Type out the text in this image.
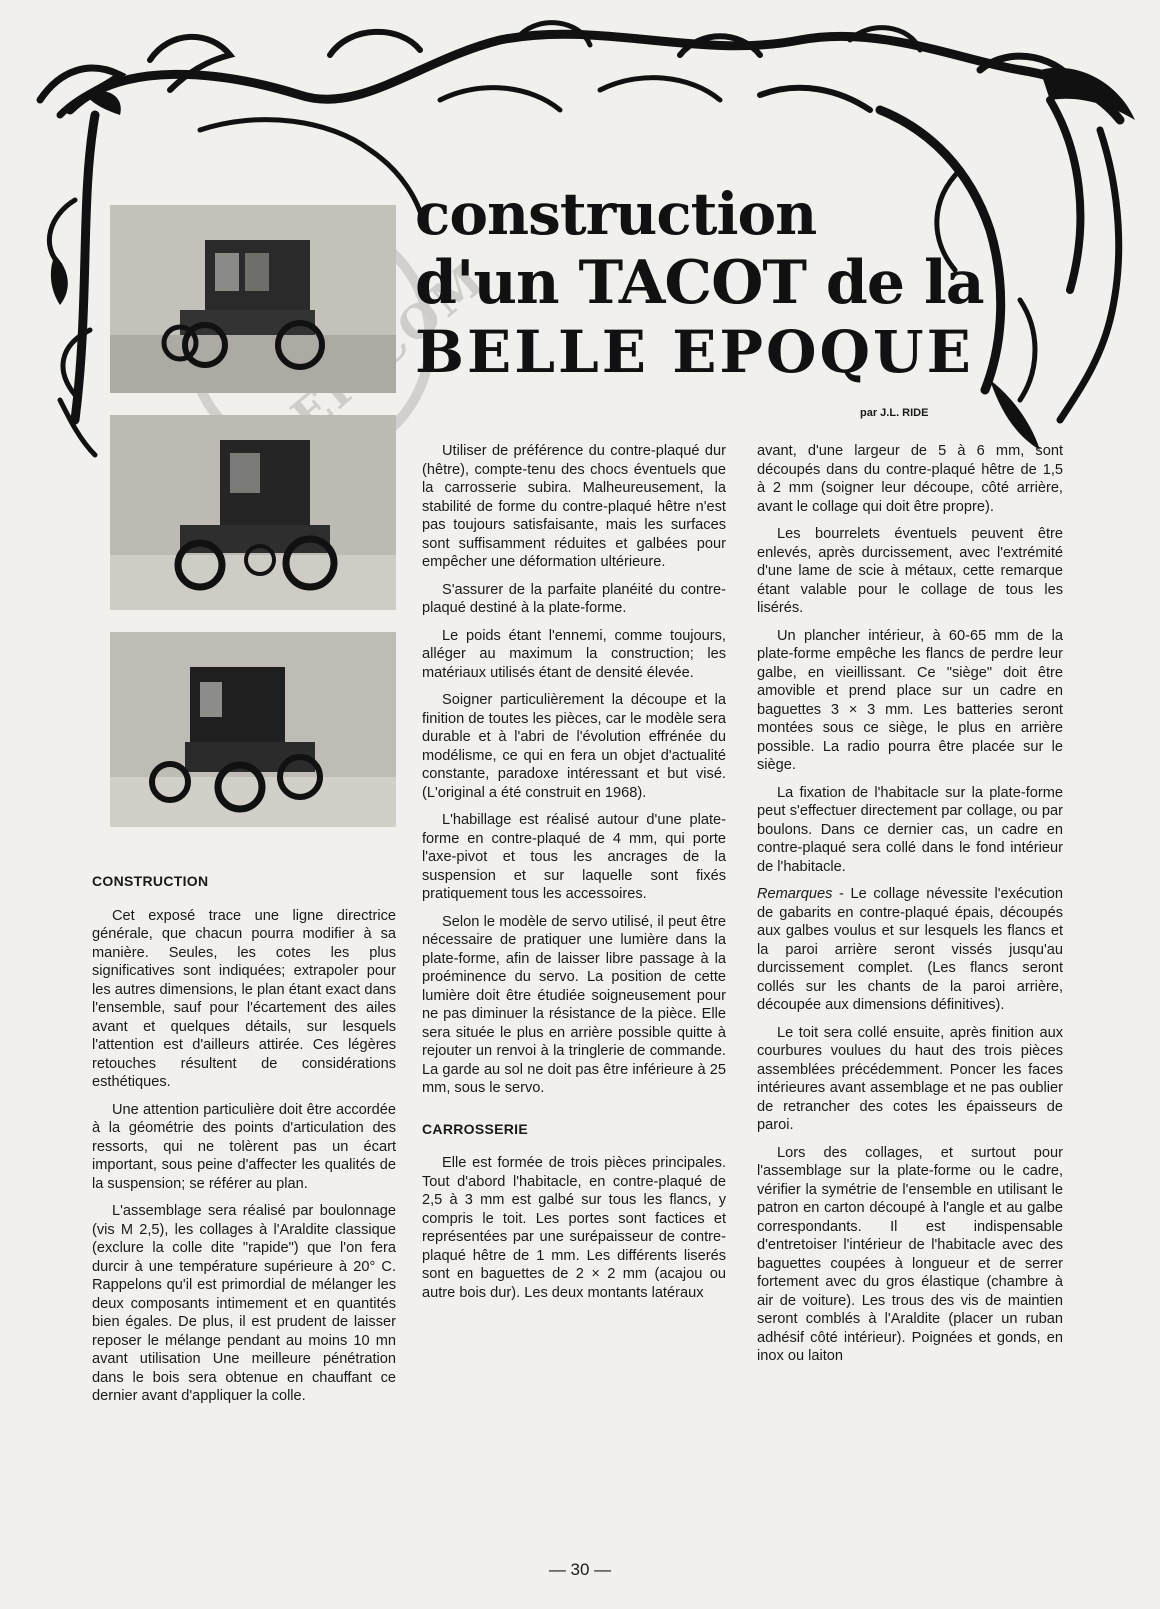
construction
d'un TACOT de la
BELLE EPOQUE
par J.L. RIDE
CONSTRUCTION

Cet exposé trace une ligne directrice générale, que chacun pourra modifier à sa manière. Seules, les cotes les plus significatives sont indiquées; extrapoler pour les autres dimensions, le plan étant exact dans l'ensemble, sauf pour l'écartement des ailes avant et quelques détails, sur lesquels l'attention est d'ailleurs attirée. Ces légères retouches résultent de considérations esthétiques.

Une attention particulière doit être accordée à la géométrie des points d'articulation des ressorts, qui ne tolèrent pas un écart important, sous peine d'affecter les qualités de la suspension; se référer au plan.

L'assemblage sera réalisé par boulonnage (vis M 2,5), les collages à l'Araldite classique (exclure la colle dite "rapide") que l'on fera durcir à une température supérieure à 20° C. Rappelons qu'il est primordial de mélanger les deux composants intimement et en quantités bien égales. De plus, il est prudent de laisser reposer le mélange pendant au moins 10 mn avant utilisation Une meilleure pénétration dans le bois sera obtenue en chauffant ce dernier avant d'appliquer la colle.

Utiliser de préférence du contre-plaqué dur (hêtre), compte-tenu des chocs éventuels que la carrosserie subira. Malheureusement, la stabilité de forme du contre-plaqué hêtre n'est pas toujours satisfaisante, mais les surfaces sont suffisamment réduites et galbées pour empêcher une déformation ultérieure.

S'assurer de la parfaite planéité du contre-plaqué destiné à la plate-forme.

Le poids étant l'ennemi, comme toujours, alléger au maximum la construction; les matériaux utilisés étant de densité élevée.

Soigner particulièrement la découpe et la finition de toutes les pièces, car le modèle sera durable et à l'abri de l'évolution effrénée du modélisme, ce qui en fera un objet d'actualité constante, paradoxe intéressant et but visé. (L'original a été construit en 1968).

L'habillage est réalisé autour d'une plate-forme en contre-plaqué de 4 mm, qui porte l'axe-pivot et tous les ancrages de la suspension et sur laquelle sont fixés pratiquement tous les accessoires.

Selon le modèle de servo utilisé, il peut être nécessaire de pratiquer une lumière dans la plate-forme, afin de laisser libre passage à la proéminence du servo. La position de cette lumière doit être étudiée soigneusement pour ne pas diminuer la résistance de la pièce. Elle sera située le plus en arrière possible quitte à rejouter un renvoi à la tringlerie de commande. La garde au sol ne doit pas être inférieure à 25 mm, sous le servo.

CARROSSERIE

Elle est formée de trois pièces principales. Tout d'abord l'habitacle, en contre-plaqué de 2,5 à 3 mm est galbé sur tous les flancs, y compris le toit. Les portes sont factices et représentées par une surépaisseur de contre-plaqué hêtre de 1 mm. Les différents liserés sont en baguettes de 2 × 2 mm (acajou ou autre bois dur). Les deux montants latéraux

avant, d'une largeur de 5 à 6 mm, sont découpés dans du contre-plaqué hêtre de 1,5 à 2 mm (soigner leur découpe, côté arrière, avant le collage qui doit être propre).

Les bourrelets éventuels peuvent être enlevés, après durcissement, avec l'extrémité d'une lame de scie à métaux, cette remarque étant valable pour le collage de tous les lisérés.

Un plancher intérieur, à 60-65 mm de la plate-forme empêche les flancs de perdre leur galbe, en vieillissant. Ce "siège" doit être amovible et prend place sur un cadre en baguettes 3 × 3 mm. Les batteries seront montées sous ce siège, le plus en arrière possible. La radio pourra être placée sur le siège.

La fixation de l'habitacle sur la plate-forme peut s'effectuer directement par collage, ou par boulons. Dans ce dernier cas, un cadre en contre-plaqué sera collé dans le fond intérieur de l'habitacle.

Remarques - Le collage névessite l'exécution de gabarits en contre-plaqué épais, découpés aux galbes voulus et sur lesquels les flancs et la paroi arrière seront vissés jusqu'au durcissement complet. (Les flancs seront collés sur les chants de la paroi arrière, découpée aux dimensions définitives).

Le toit sera collé ensuite, après finition aux courbures voulues du haut des trois pièces assemblées précédemment. Poncer les faces intérieures avant assemblage et ne pas oublier de retrancher des cotes les épaisseurs de paroi.

Lors des collages, et surtout pour l'assemblage sur la plate-forme ou le cadre, vérifier la symétrie de l'ensemble en utilisant le patron en carton découpé à l'angle et au galbe correspondants. Il est indispensable d'entretoiser l'intérieur de l'habitacle avec des baguettes coupées à longueur et de serrer fortement avec du gros élastique (chambre à air de voiture). Les trous des vis de maintien seront comblés à l'Araldite (placer un ruban adhésif côté intérieur). Poignées et gonds, en inox ou laiton

— 30 —
